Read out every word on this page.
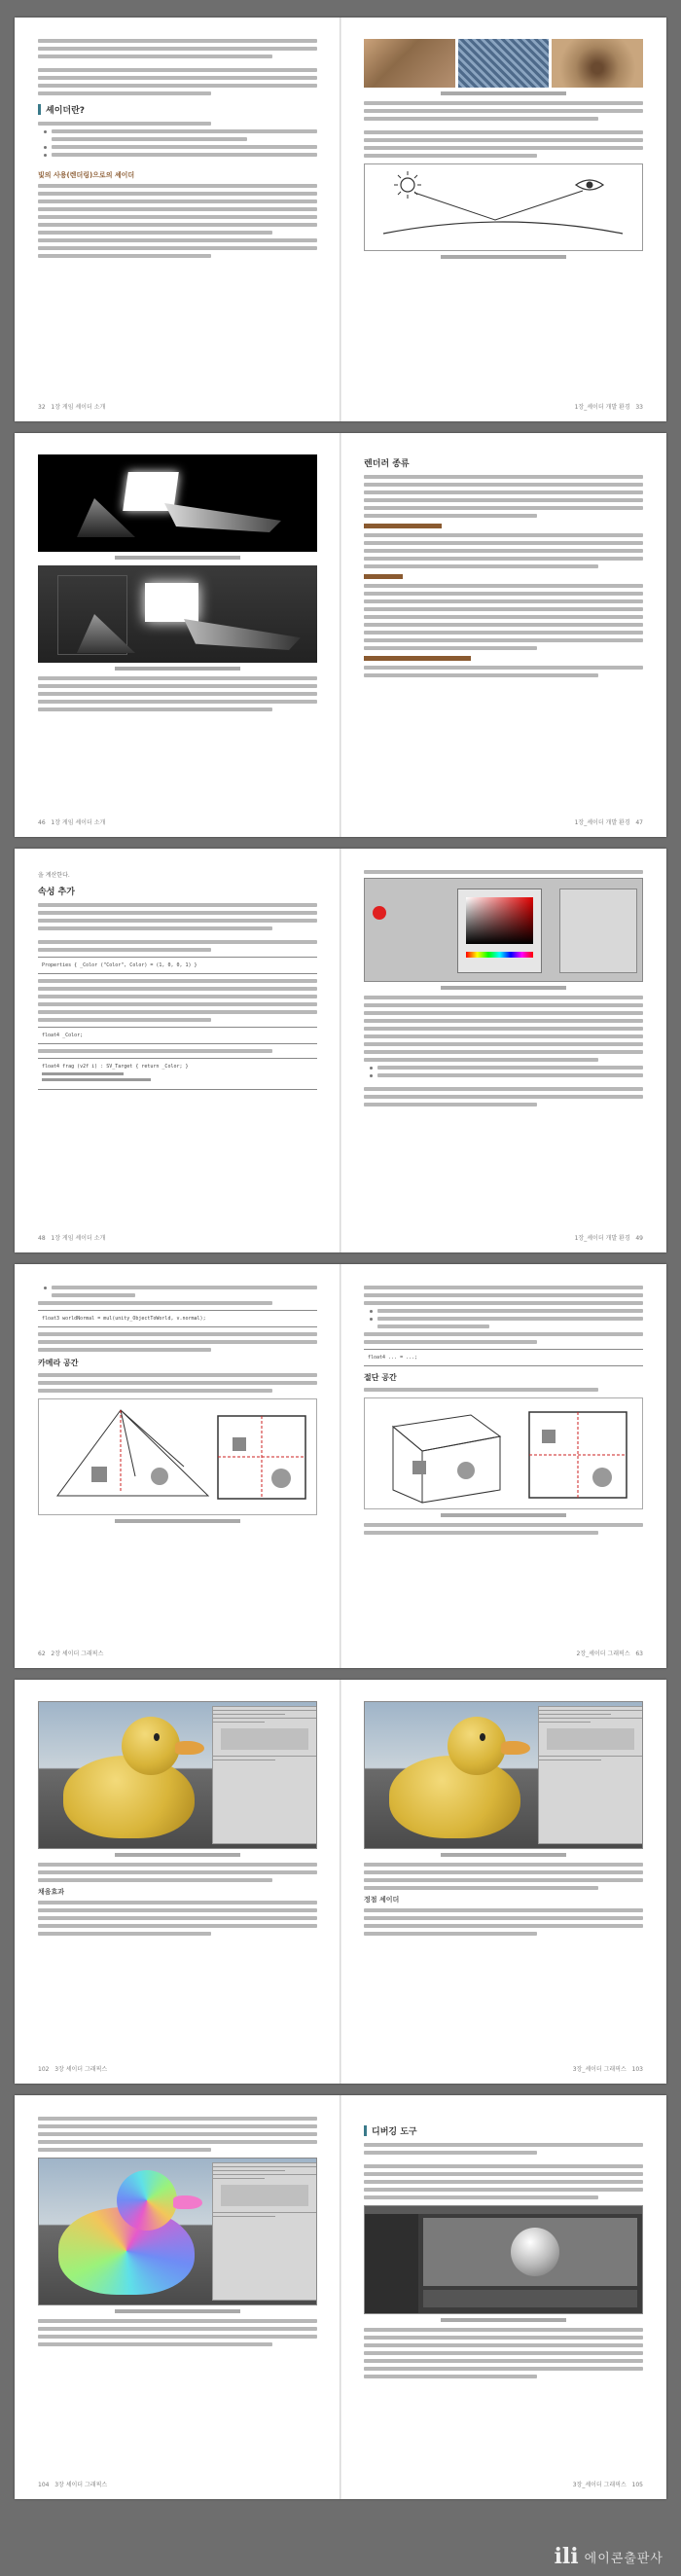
셰이더란?
빛의 사용(렌더링)으로의 셰이더
32 1장 게임 셰이더 소개	1장_셰이더 개발 환경 33
46 1장 게임 셰이더 소개
렌더러 종류
1장_셰이더 개발 환경 47
을 계산한다.
속성 추가
Properties { _Color ("Color", Color) = (1, 0, 0, 1) }
float4 _Color;
float4 frag (v2f i) : SV_Target { return _Color; }
48 1장 게임 셰이더 소개	1장_셰이더 개발 환경 49
float3 worldNormal = mul(unity_ObjectToWorld, v.normal);
카메라 공간
62 2장 셰이더 그래픽스
float4 ... = ...;
절단 공간
2장_셰이더 그래픽스 63
채움효과
102 3장 셰이더 그래픽스
정점 셰이더
3장_셰이더 그래픽스 103
104 3장 셰이더 그래픽스
디버깅 도구
3장_셰이더 그래픽스 105
ili 에이콘출판사
